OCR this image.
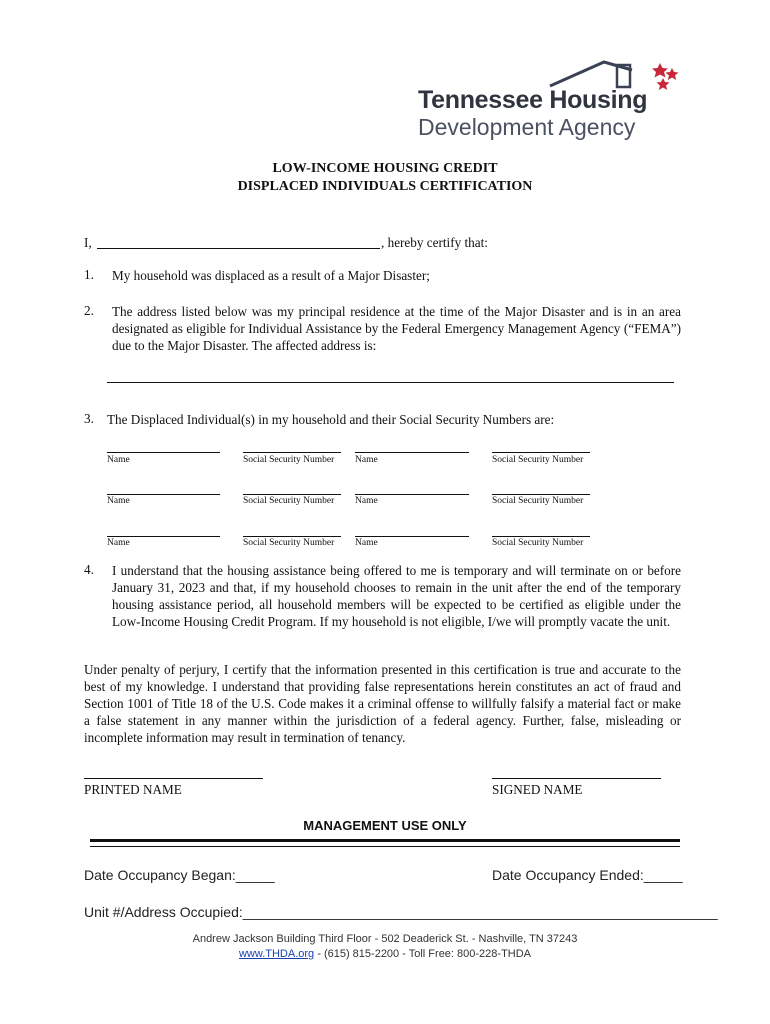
Tennessee Housing
Development Agency
LOW-INCOME HOUSING CREDIT
DISPLACED INDIVIDUALS CERTIFICATION
I,	, hereby certify that:
1. My household was displaced as a result of a Major Disaster;
2. The address listed below was my principal residence at the time of the Major Disaster and is in an area designated as eligible for Individual Assistance by the Federal Emergency Management Agency (“FEMA”) due to the Major Disaster. The affected address is:
3. The Displaced Individual(s) in my household and their Social Security Numbers are:
Name	Social Security Number Name	Social Security Number
Name	Social Security Number Name	Social Security Number
Name	Social Security Number Name	Social Security Number
4. I understand that the housing assistance being offered to me is temporary and will terminate on or before January 31, 2023 and that, if my household chooses to remain in the unit after the end of the temporary housing assistance period, all household members will be expected to be certified as eligible under the Low-Income Housing Credit Program. If my household is not eligible, I/we will promptly vacate the unit.
Under penalty of perjury, I certify that the information presented in this certification is true and accurate to the best of my knowledge. I understand that providing false representations herein constitutes an act of fraud and Section 1001 of Title 18 of the U.S. Code makes it a criminal offense to willfully falsify a material fact or make a false statement in any manner within the jurisdiction of a federal agency. Further, false, misleading or incomplete information may result in termination of tenancy.
PRINTED NAME	SIGNED NAME
MANAGEMENT USE ONLY
Date Occupancy Began:_____	Date Occupancy Ended:_____
Unit #/Address Occupied:_____________________________________________________________
Andrew Jackson Building Third Floor - 502 Deaderick St. - Nashville, TN 37243
www.THDA.org - (615) 815-2200 - Toll Free: 800-228-THDA
